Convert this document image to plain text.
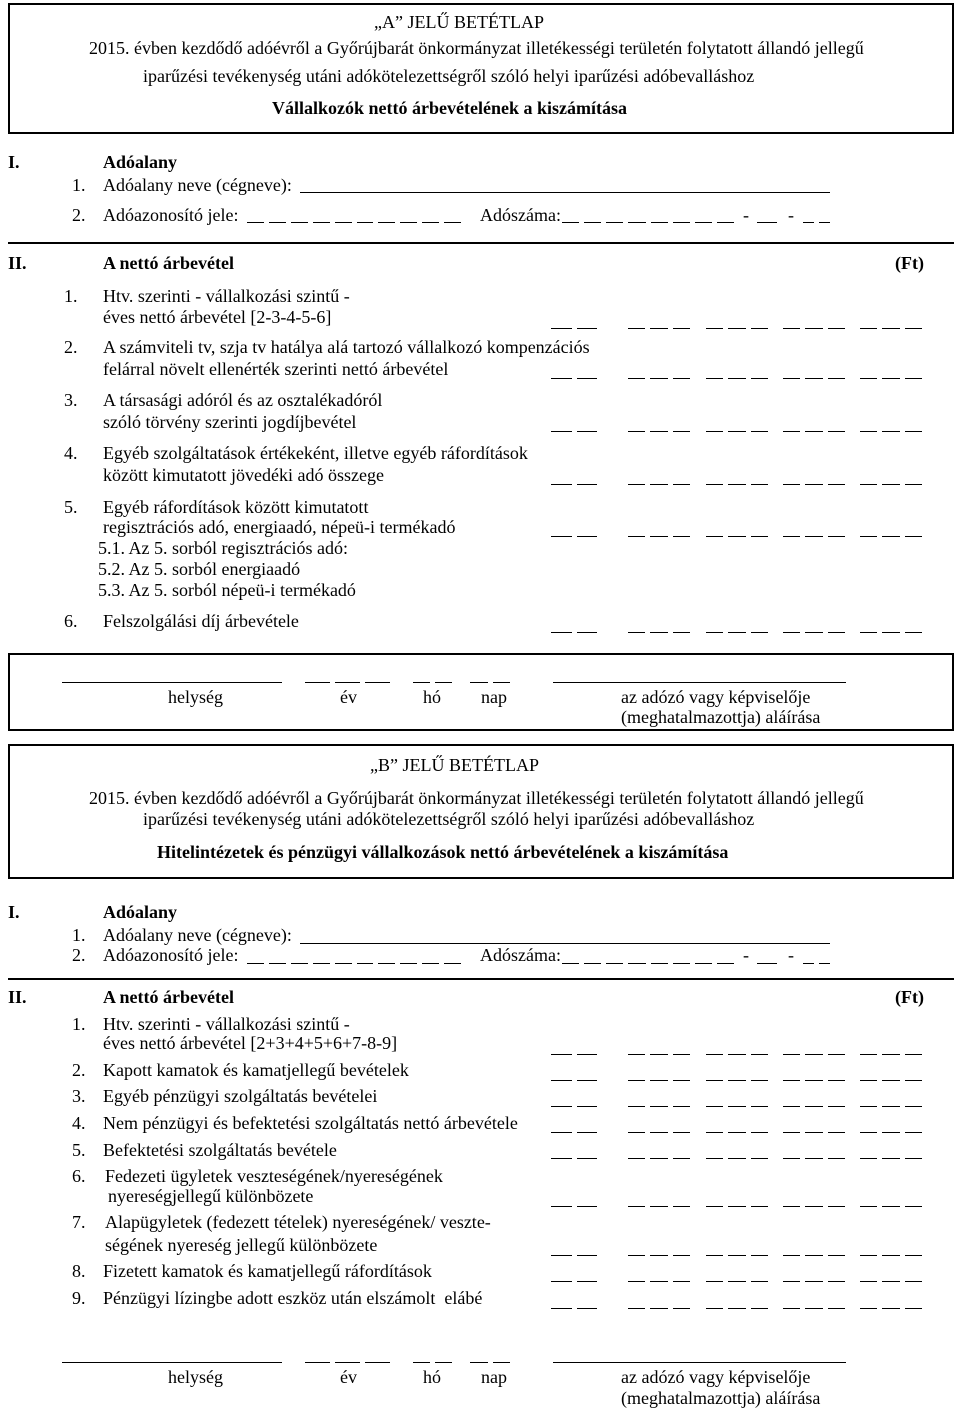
„A” JELŰ BETÉTLAP
2015. évben kezdődő adóévről a Győrújbarát önkormányzat illetékességi területén folytatott állandó jellegű
iparűzési tevékenység utáni adókötelezettségről szóló helyi iparűzési adóbevalláshoz
Vállalkozók nettó árbevételének a kiszámítása
I.	Adóalany
1. Adóalany neve (cégneve):
2. Adóazonosító jele:	Adószáma:	- -
II.	A nettó árbevétel	(Ft)
1. Htv. szerinti - vállalkozási szintű -
éves nettó árbevétel [2-3-4-5-6]
2. A számviteli tv, szja tv hatálya alá tartozó vállalkozó kompenzációs
felárral növelt ellenérték szerinti nettó árbevétel
3. A társasági adóról és az osztalékadóról
szóló törvény szerinti jogdíjbevétel
4. Egyéb szolgáltatások értékeként, illetve egyéb ráfordítások
között kimutatott jövedéki adó összege
5. Egyéb ráfordítások között kimutatott
regisztrációs adó, energiaadó, népeü-i termékadó
5.1. Az 5. sorból regisztrációs adó:
5.2. Az 5. sorból energiaadó
5.3. Az 5. sorból népeü-i termékadó
6. Felszolgálási díj árbevétele
helység	év	hó nap	az adózó vagy képviselője
(meghatalmazottja) aláírása
„B” JELŰ BETÉTLAP
2015. évben kezdődő adóévről a Győrújbarát önkormányzat illetékességi területén folytatott állandó jellegű
iparűzési tevékenység utáni adókötelezettségről szóló helyi iparűzési adóbevalláshoz
Hitelintézetek és pénzügyi vállalkozások nettó árbevételének a kiszámítása
I.	Adóalany
1. Adóalany neve (cégneve):
2. Adóazonosító jele:	Adószáma:	- -
II.	A nettó árbevétel	(Ft)
1. Htv. szerinti - vállalkozási szintű -
éves nettó árbevétel [2+3+4+5+6+7-8-9]
2. Kapott kamatok és kamatjellegű bevételek
3. Egyéb pénzügyi szolgáltatás bevételei
4. Nem pénzügyi és befektetési szolgáltatás nettó árbevétele
5. Befektetési szolgáltatás bevétele
6. Fedezeti ügyletek veszteségének/nyereségének
nyereségjellegű különbözete
7. Alapügyletek (fedezett tételek) nyereségének/ veszte-
ségének nyereség jellegű különbözete
8. Fizetett kamatok és kamatjellegű ráfordítások
9. Pénzügyi lízingbe adott eszköz után elszámolt  elábé
helység	év	hó nap	az adózó vagy képviselője
(meghatalmazottja) aláírása
